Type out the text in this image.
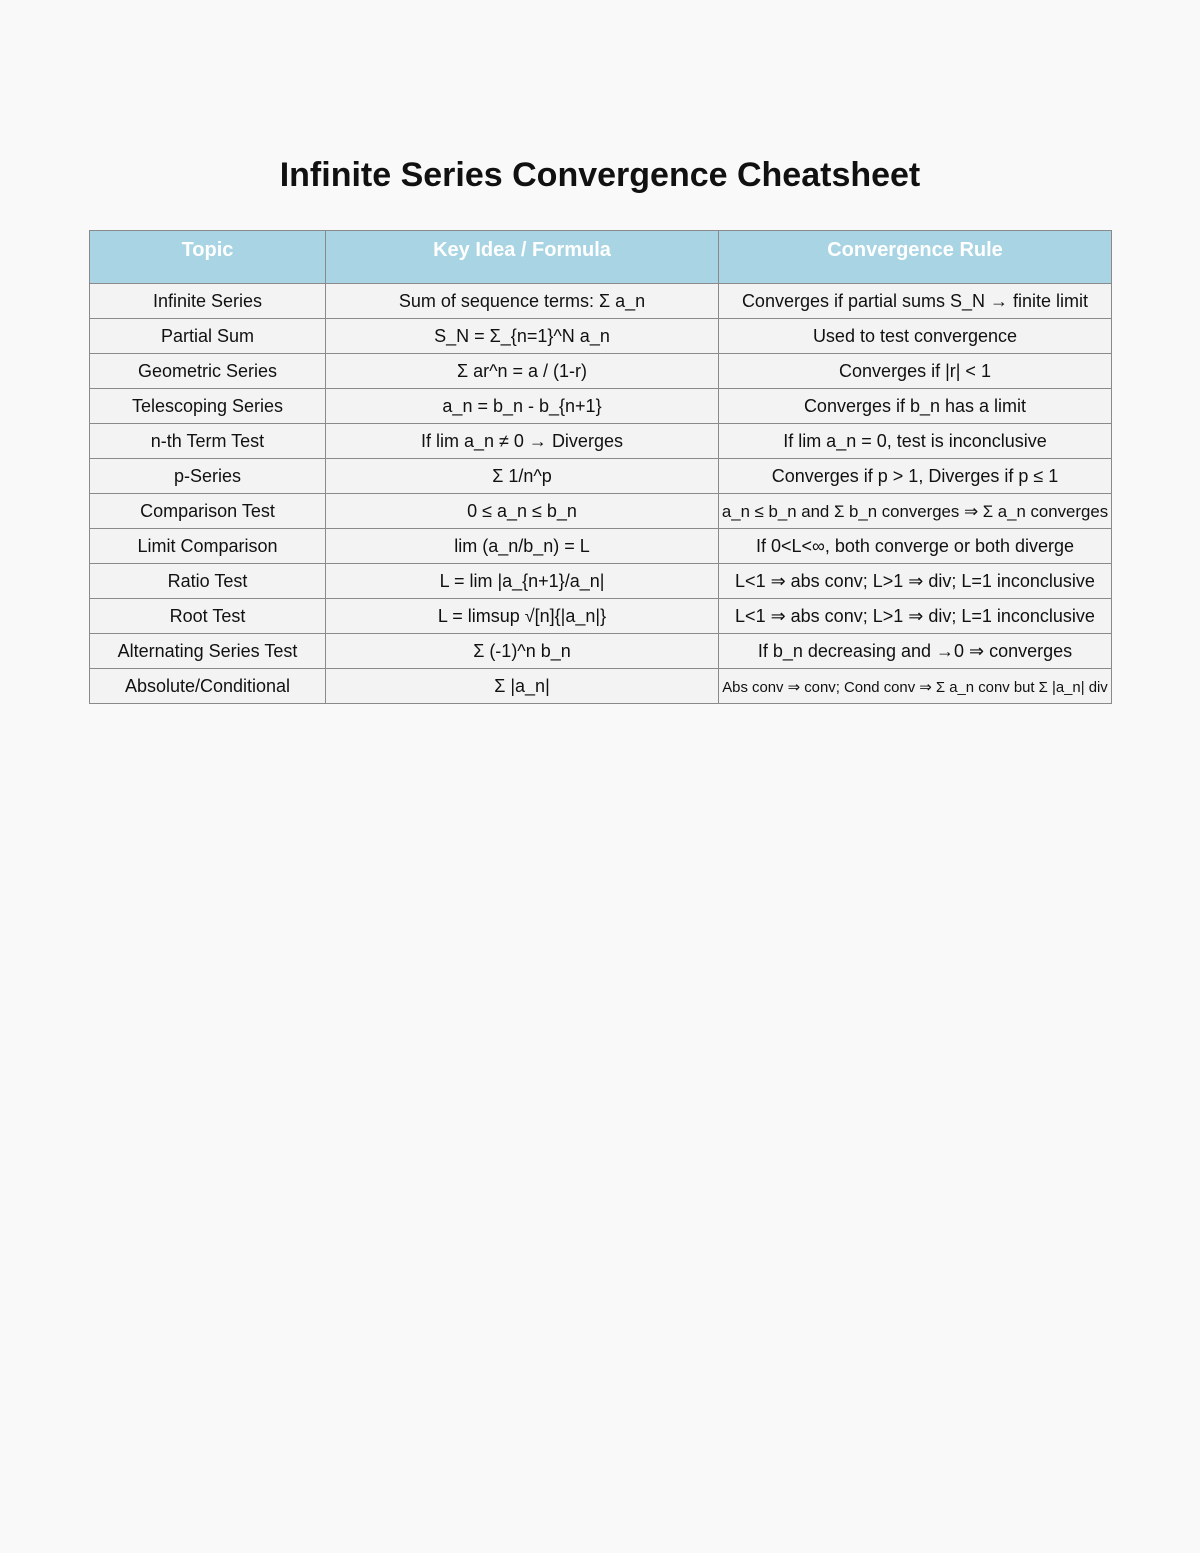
Infinite Series Convergence Cheatsheet
Topic	Key Idea / Formula	Convergence Rule
Infinite Series	Sum of sequence terms: Σ a_n	Converges if partial sums S_N → finite limit
Partial Sum	S_N = Σ_{n=1}^N a_n	Used to test convergence
Geometric Series	Σ ar^n = a / (1-r)	Converges if |r| < 1
Telescoping Series	a_n = b_n - b_{n+1}	Converges if b_n has a limit
n-th Term Test	If lim a_n ≠ 0 → Diverges	If lim a_n = 0, test is inconclusive
p-Series	Σ 1/n^p	Converges if p > 1, Diverges if p ≤ 1
Comparison Test	0 ≤ a_n ≤ b_n	a_n ≤ b_n and Σ b_n converges ⇒ Σ a_n converges
Limit Comparison	lim (a_n/b_n) = L	If 0<L<∞, both converge or both diverge
Ratio Test	L = lim |a_{n+1}/a_n|	L<1 ⇒ abs conv; L>1 ⇒ div; L=1 inconclusive
Root Test	L = limsup √[n]{|a_n|}	L<1 ⇒ abs conv; L>1 ⇒ div; L=1 inconclusive
Alternating Series Test	Σ (-1)^n b_n	If b_n decreasing and →0 ⇒ converges
Absolute/Conditional	Σ |a_n|	Abs conv ⇒ conv; Cond conv ⇒ Σ a_n conv but Σ |a_n| div
